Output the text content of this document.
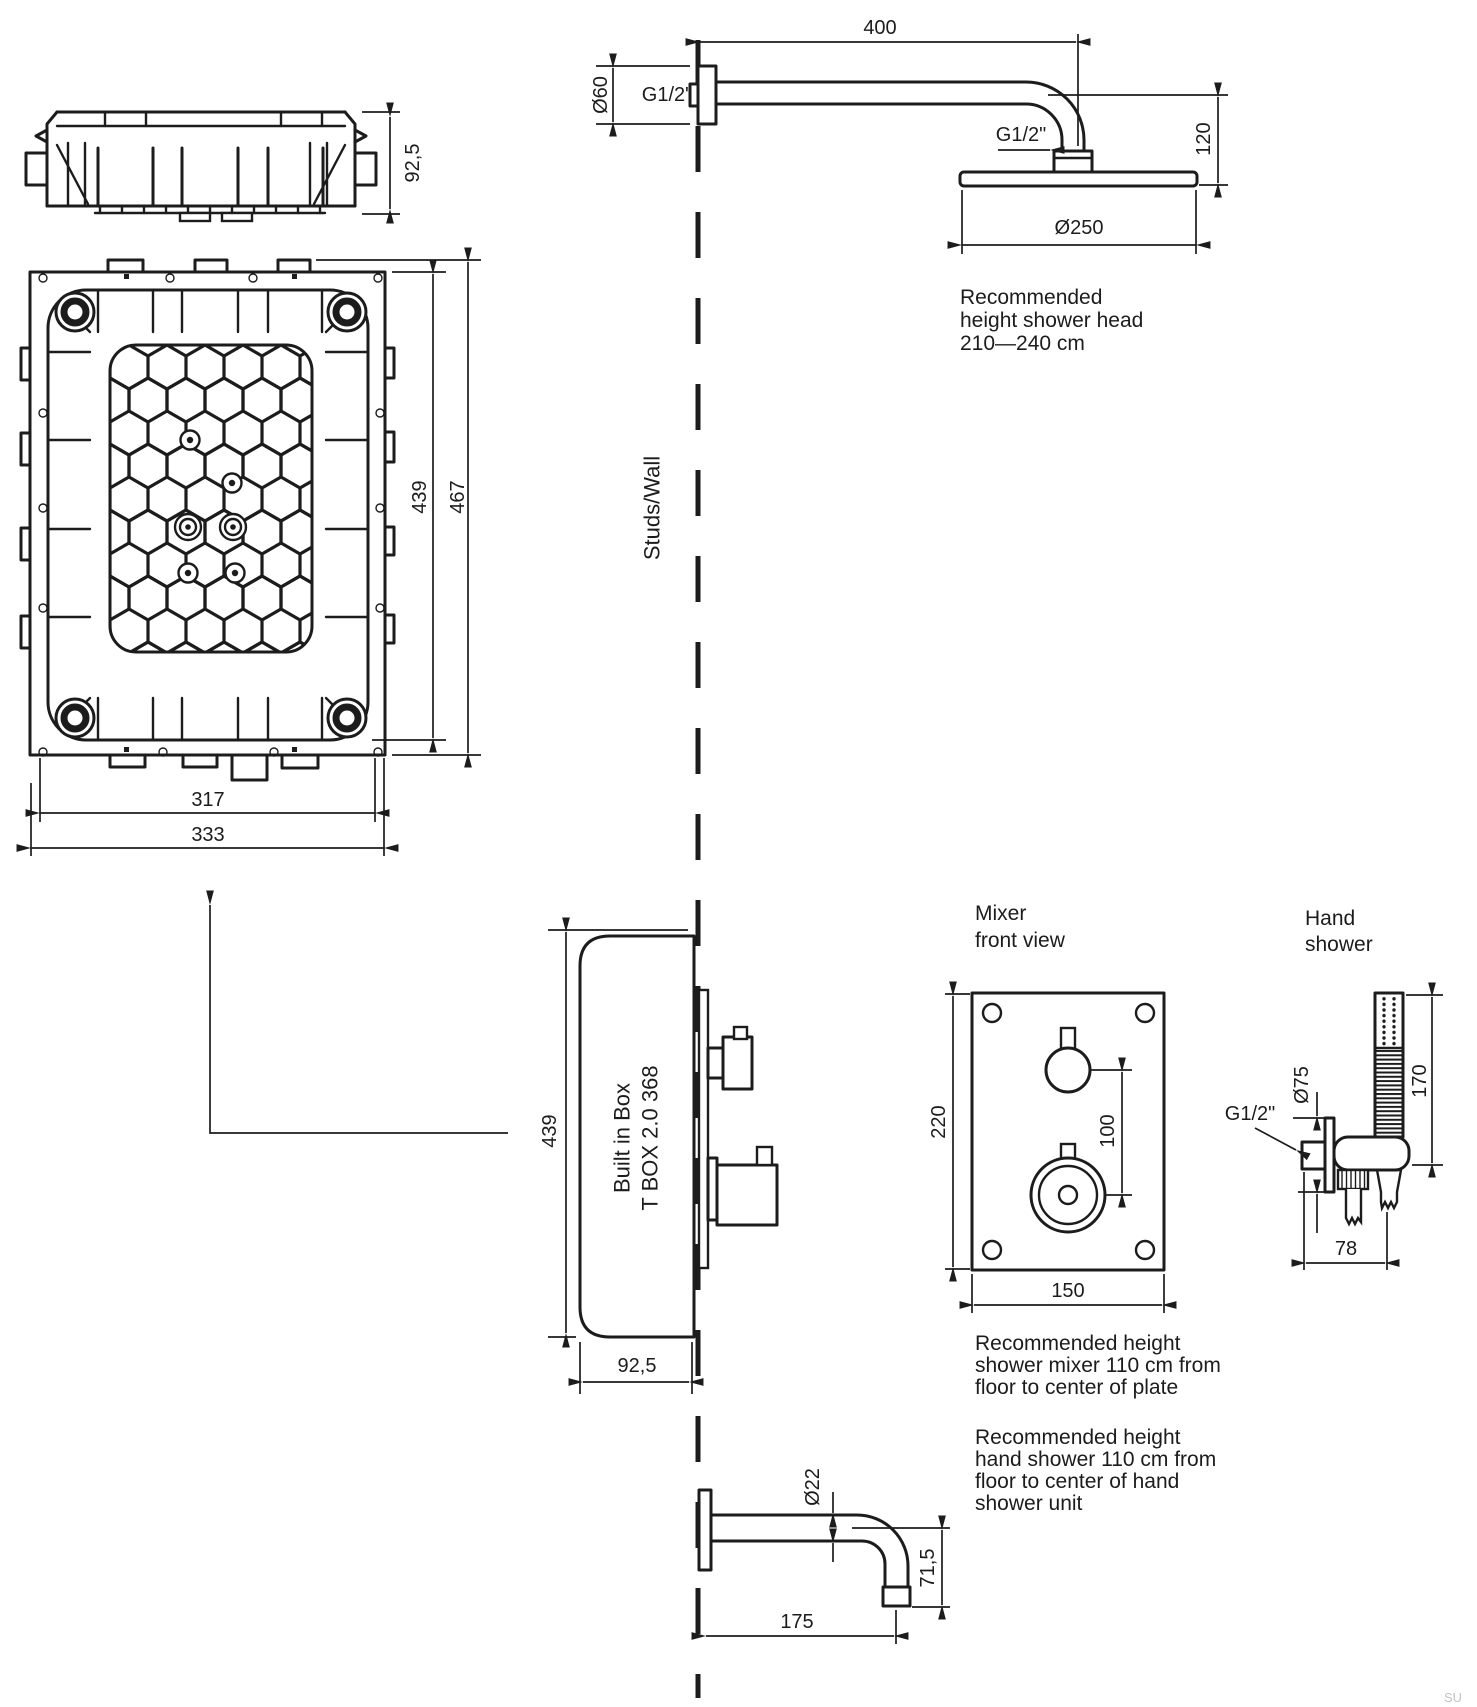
Studs/Wall
92,5
439 467
317
333
400
Ø60 G1/2"
G1/2"	120
Ø250
Recommended
height shower head
210—240 cm
Built in Box T BOX 2.0 368
439
92,5
Mixer
front view
220	100
150
Hand
shower
170
Ø75
G1/2"
78
Ø22
71,5
175
Recommended height
shower mixer 110 cm from
floor to center of plate
Recommended height
hand shower 110 cm from
floor to center of hand
shower unit
SU
